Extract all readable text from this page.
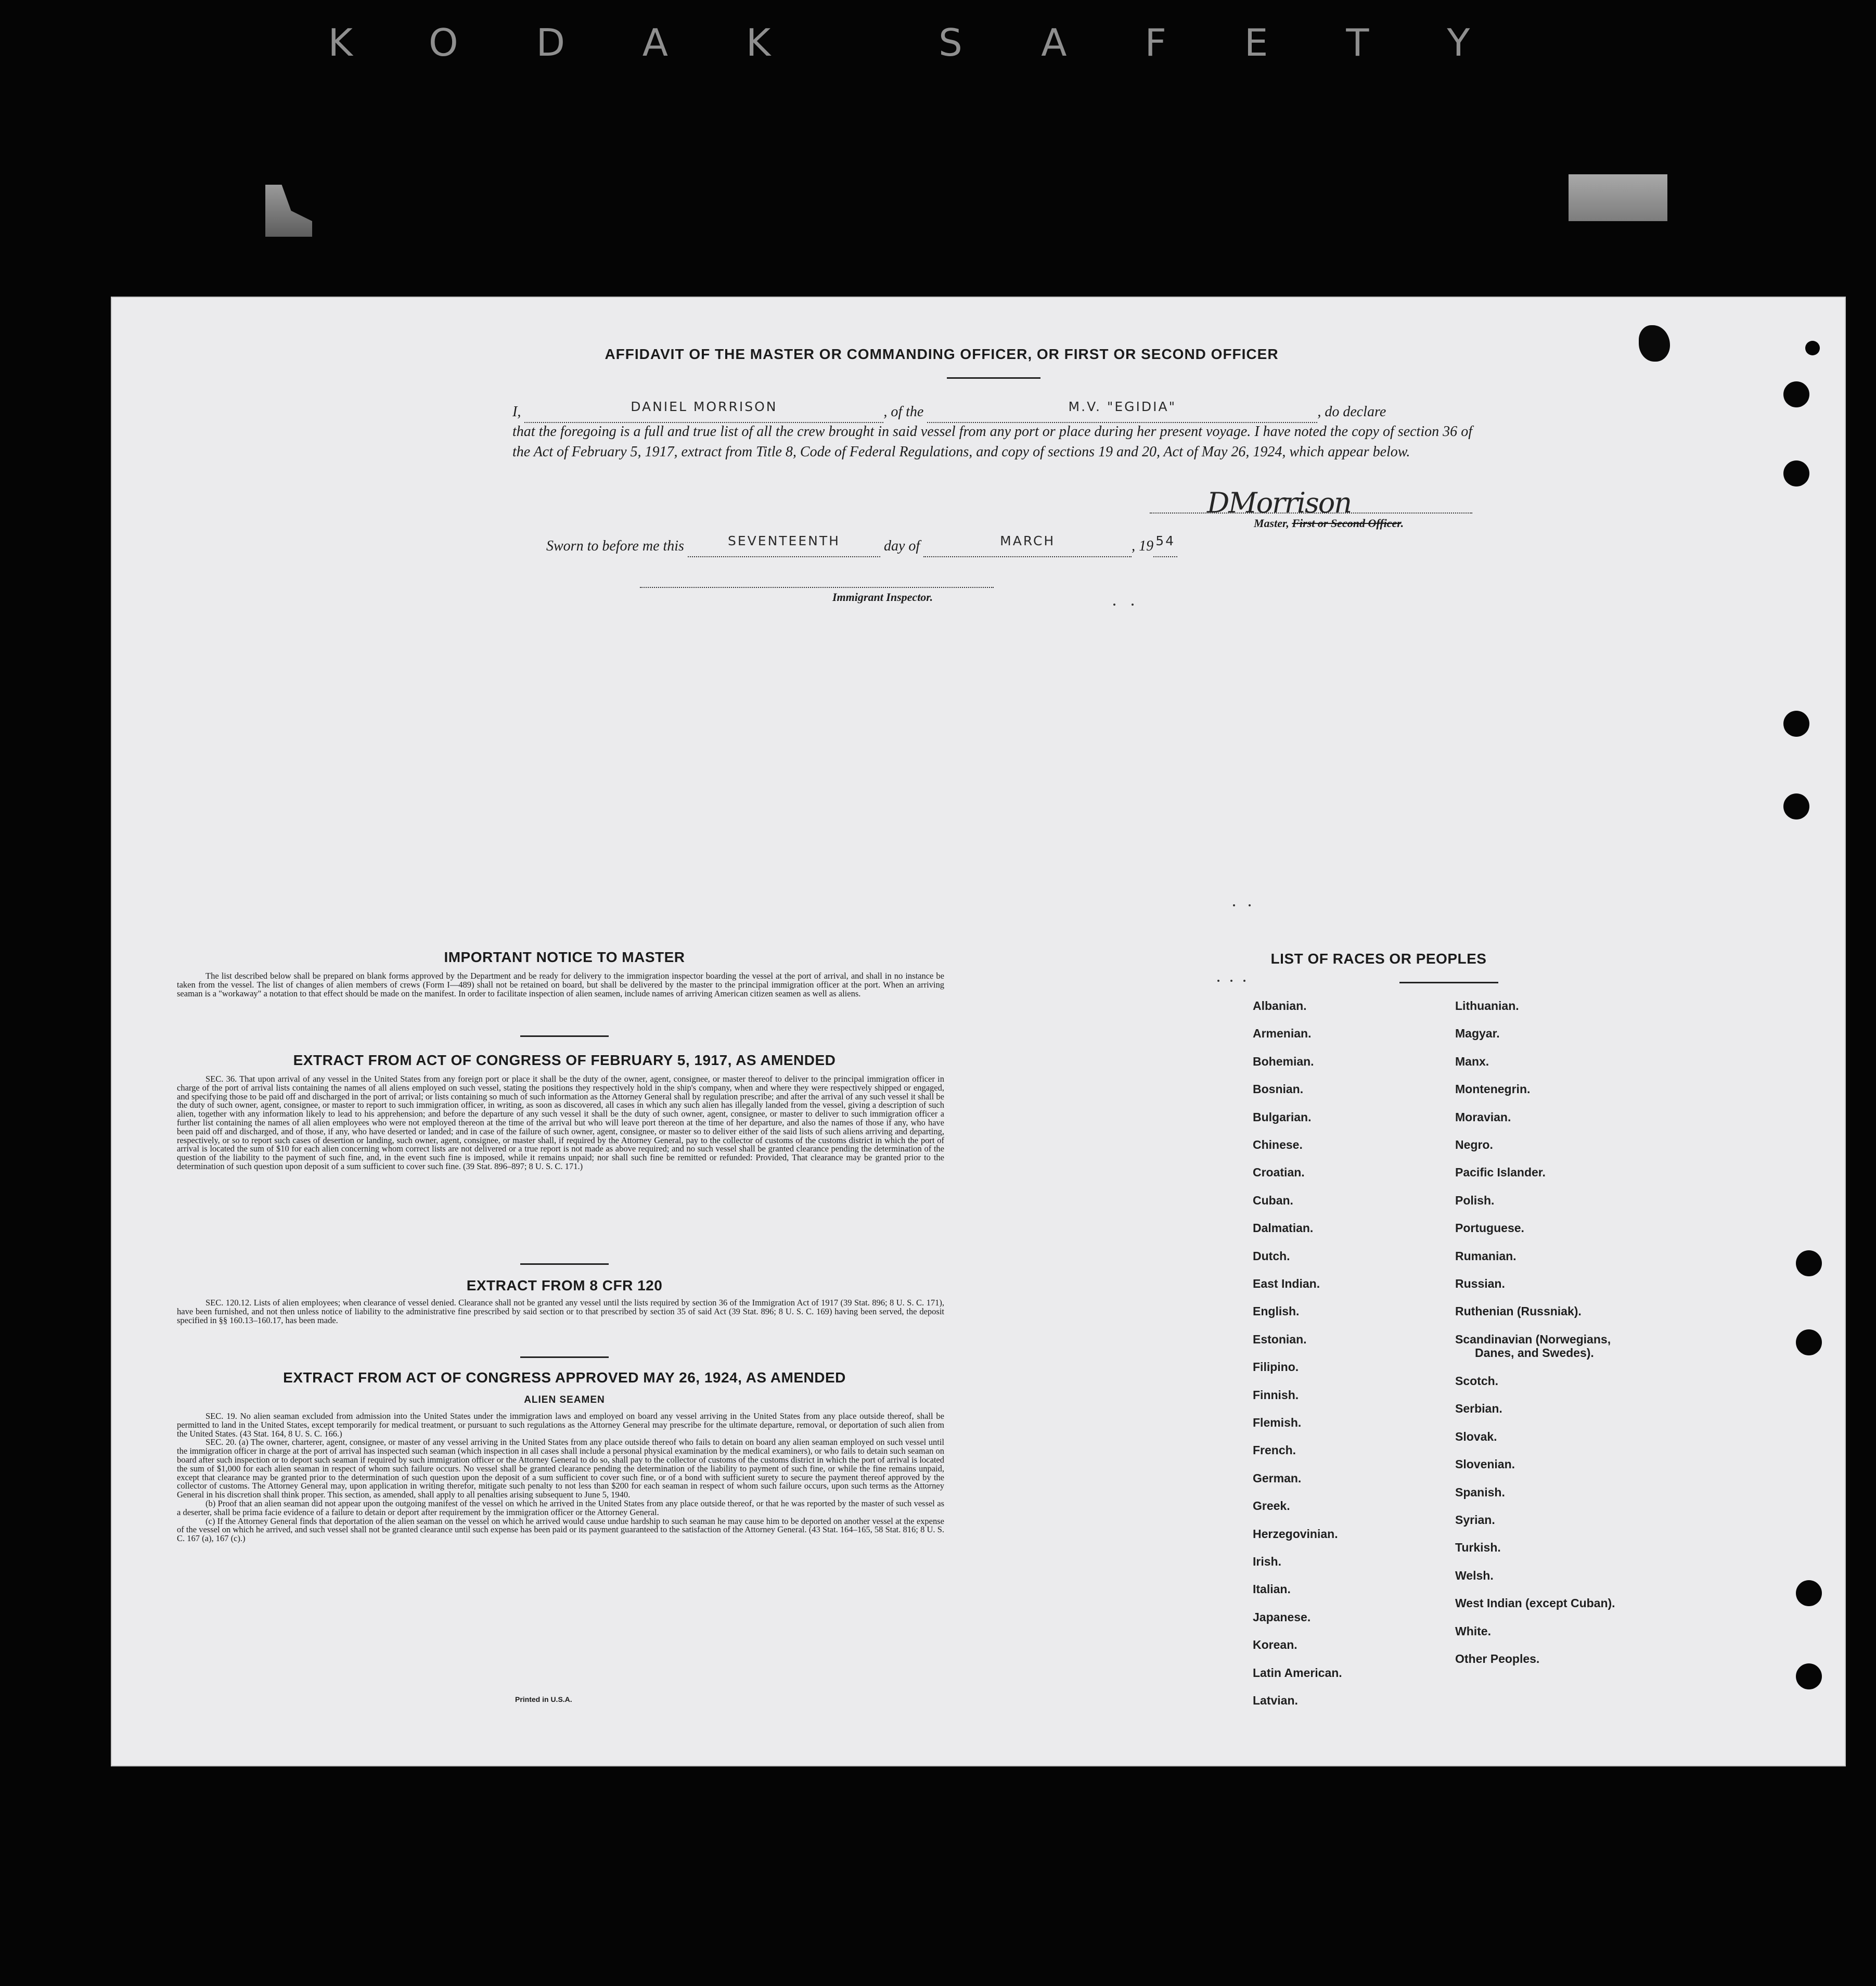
KODAK SAFETY
AFFIDAVIT OF THE MASTER OR COMMANDING OFFICER, OR FIRST OR SECOND OFFICER
I,	DANIEL MORRISON	, of the	M.V. "EGIDIA"	, do declare
that the foregoing is a full and true list of all the crew brought in said vessel from any port or place during her present voyage. I have noted the copy of section 36 of the Act of February 5, 1917, extract from Title 8, Code of Federal Regulations, and copy of sections 19 and 20, Act of May 26, 1924, which appear below.
DMorrison
Master, First or Second Officer.
Sworn to before me this	SEVENTEENTH	day of	MARCH	, 19 54
Immigrant Inspector.
IMPORTANT NOTICE TO MASTER

The list described below shall be prepared on blank forms approved by the Department and be ready for delivery to the immigration inspector boarding the vessel at the port of arrival, and shall in no instance be taken from the vessel. The list of changes of alien members of crews (Form I—489) shall not be retained on board, but shall be delivered by the master to the principal immigration officer at the port. When an arriving seaman is a "workaway" a notation to that effect should be made on the manifest. In order to facilitate inspection of alien seamen, include names of arriving American citizen seamen as well as aliens.

EXTRACT FROM ACT OF CONGRESS OF FEBRUARY 5, 1917, AS AMENDED

SEC. 36. That upon arrival of any vessel in the United States from any foreign port or place it shall be the duty of the owner, agent, consignee, or master thereof to deliver to the principal immigration officer in charge of the port of arrival lists containing the names of all aliens employed on such vessel, stating the positions they respectively hold in the ship's company, when and where they were respectively shipped or engaged, and specifying those to be paid off and discharged in the port of arrival; or lists containing so much of such information as the Attorney General shall by regulation prescribe; and after the arrival of any such vessel it shall be the duty of such owner, agent, consignee, or master to report to such immigration officer, in writing, as soon as discovered, all cases in which any such alien has illegally landed from the vessel, giving a description of such alien, together with any information likely to lead to his apprehension; and before the departure of any such vessel it shall be the duty of such owner, agent, consignee, or master to deliver to such immigration officer a further list containing the names of all alien employees who were not employed thereon at the time of the arrival but who will leave port thereon at the time of her departure, and also the names of those if any, who have been paid off and discharged, and of those, if any, who have deserted or landed; and in case of the failure of such owner, agent, consignee, or master so to deliver either of the said lists of such aliens arriving and departing, respectively, or so to report such cases of desertion or landing, such owner, agent, consignee, or master shall, if required by the Attorney General, pay to the collector of customs of the customs district in which the port of arrival is located the sum of $10 for each alien concerning whom correct lists are not delivered or a true report is not made as above required; and no such vessel shall be granted clearance pending the determination of the question of the liability to the payment of such fine, and, in the event such fine is imposed, while it remains unpaid; nor shall such fine be remitted or refunded: Provided, That clearance may be granted prior to the determination of such question upon deposit of a sum sufficient to cover such fine. (39 Stat. 896–897; 8 U. S. C. 171.)

EXTRACT FROM 8 CFR 120

SEC. 120.12. Lists of alien employees; when clearance of vessel denied. Clearance shall not be granted any vessel until the lists required by section 36 of the Immigration Act of 1917 (39 Stat. 896; 8 U. S. C. 171), have been furnished, and not then unless notice of liability to the administrative fine prescribed by said section or to that prescribed by section 35 of said Act (39 Stat. 896; 8 U. S. C. 169) having been served, the deposit specified in §§ 160.13–160.17, has been made.

EXTRACT FROM ACT OF CONGRESS APPROVED MAY 26, 1924, AS AMENDED
ALIEN SEAMEN

SEC. 19. No alien seaman excluded from admission into the United States under the immigration laws and employed on board any vessel arriving in the United States from any place outside thereof, shall be permitted to land in the United States, except temporarily for medical treatment, or pursuant to such regulations as the Attorney General may prescribe for the ultimate departure, removal, or deportation of such alien from the United States. (43 Stat. 164, 8 U. S. C. 166.)

SEC. 20. (a) The owner, charterer, agent, consignee, or master of any vessel arriving in the United States from any place outside thereof who fails to detain on board any alien seaman employed on such vessel until the immigration officer in charge at the port of arrival has inspected such seaman (which inspection in all cases shall include a personal physical examination by the medical examiners), or who fails to detain such seaman on board after such inspection or to deport such seaman if required by such immigration officer or the Attorney General to do so, shall pay to the collector of customs of the customs district in which the port of arrival is located the sum of $1,000 for each alien seaman in respect of whom such failure occurs. No vessel shall be granted clearance pending the determination of the liability to payment of such fine, or while the fine remains unpaid, except that clearance may be granted prior to the determination of such question upon the deposit of a sum sufficient to cover such fine, or of a bond with sufficient surety to secure the payment thereof approved by the collector of customs. The Attorney General may, upon application in writing therefor, mitigate such penalty to not less than $200 for each seaman in respect of whom such failure occurs, upon such terms as the Attorney General in his discretion shall think proper. This section, as amended, shall apply to all penalties arising subsequent to June 5, 1940.

(b) Proof that an alien seaman did not appear upon the outgoing manifest of the vessel on which he arrived in the United States from any place outside thereof, or that he was reported by the master of such vessel as a deserter, shall be prima facie evidence of a failure to detain or deport after requirement by the immigration officer or the Attorney General.

(c) If the Attorney General finds that deportation of the alien seaman on the vessel on which he arrived would cause undue hardship to such seaman he may cause him to be deported on another vessel at the expense of the vessel on which he arrived, and such vessel shall not be granted clearance until such expense has been paid or its payment guaranteed to the satisfaction of the Attorney General. (43 Stat. 164–165, 58 Stat. 816; 8 U. S. C. 167 (a), 167 (c).)

Printed in U.S.A.
LIST OF RACES OR PEOPLES
Albanian.
Armenian.
Bohemian.
Bosnian.
Bulgarian.
Chinese.
Croatian.
Cuban.
Dalmatian.
Dutch.
East Indian.
English.
Estonian.
Filipino.
Finnish.
Flemish.
French.
German.
Greek.
Herzegovinian.
Irish.
Italian.
Japanese.
Korean.
Latin American.
Latvian.
Lithuanian.
Magyar.
Manx.
Montenegrin.
Moravian.
Negro.
Pacific Islander.
Polish.
Portuguese.
Rumanian.
Russian.
Ruthenian (Russniak).
Scandinavian (Norwegians,
Danes, and Swedes).
Scotch.
Serbian.
Slovak.
Slovenian.
Spanish.
Syrian.
Turkish.
Welsh.
West Indian (except Cuban).
White.
Other Peoples.
